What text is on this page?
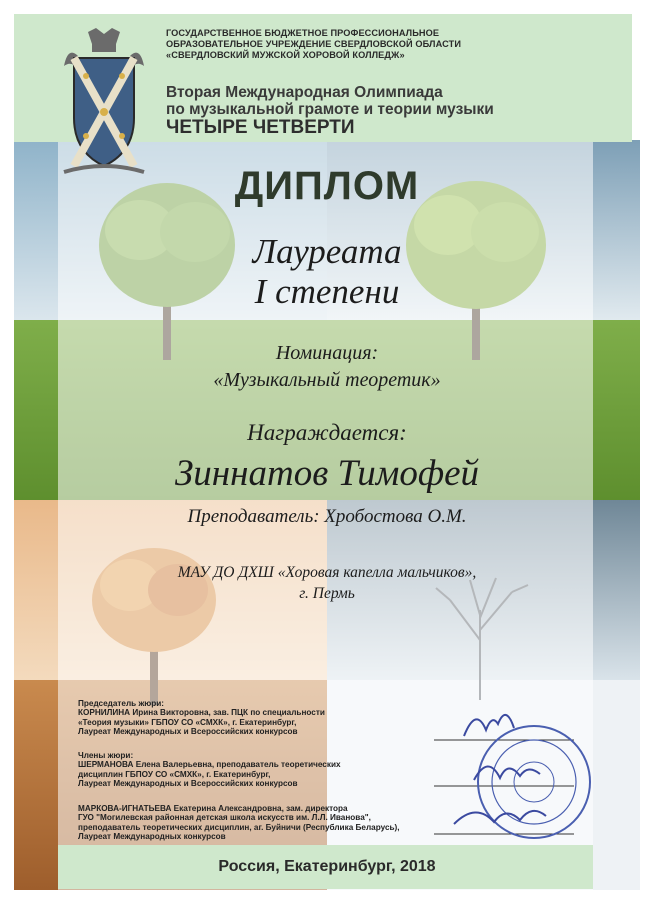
ГОСУДАРСТВЕННОЕ БЮДЖЕТНОЕ ПРОФЕССИОНАЛЬНОЕ
ОБРАЗОВАТЕЛЬНОЕ УЧРЕЖДЕНИЕ СВЕРДЛОВСКОЙ ОБЛАСТИ
«СВЕРДЛОВСКИЙ МУЖСКОЙ ХОРОВОЙ КОЛЛЕДЖ»
Вторая Международная Олимпиада
по музыкальной грамоте и теории музыки
ЧЕТЫРЕ ЧЕТВЕРТИ
ДИПЛОМ
Лауреата
I степени
Номинация:
«Музыкальный теоретик»
Награждается:
Зиннатов Тимофей
Преподаватель: Хробостова О.М.
МАУ ДО ДХШ «Хоровая капелла мальчиков»,
г. Пермь
Председатель жюри:
КОРНИЛИНА Ирина Викторовна, зав. ПЦК по специальности
«Теория музыки» ГБПОУ СО «СМХК», г. Екатеринбург,
Лауреат Международных и Всероссийских конкурсов
Члены жюри:
ШЕРМАНОВА Елена Валерьевна, преподаватель теоретических
дисциплин ГБПОУ СО «СМХК», г. Екатеринбург,
Лауреат Международных и Всероссийских конкурсов
МАРКОВА-ИГНАТЬЕВА Екатерина Александровна, зам. директора
ГУО "Могилевская районная детская школа искусств им. Л.Л. Иванова",
преподаватель теоретических дисциплин, аг. Буйничи (Республика Беларусь),
Лауреат Международных конкурсов
Россия, Екатеринбург, 2018
